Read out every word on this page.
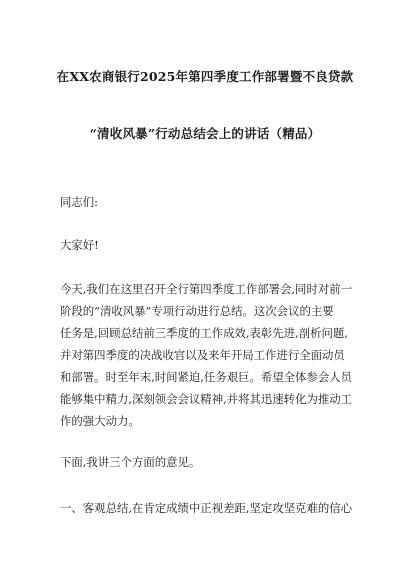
在XX农商银行2025年第四季度工作部署暨不良贷款
“清收风暴”行动总结会上的讲话（精品）
同志们:
大家好!
今天,我们在这里召开全行第四季度工作部署会,同时对前一
阶段的“清收风暴”专项行动进行总结。这次会议的主要
任务是,回顾总结前三季度的工作成效,表彰先进,剖析问题,
并对第四季度的决战收官以及来年开局工作进行全面动员
和部署。时至年末,时间紧迫,任务艰巨。希望全体参会人员
能够集中精力,深刻领会会议精神,并将其迅速转化为推动工
作的强大动力。
下面,我讲三个方面的意见。
一、客观总结,在肯定成绩中正视差距,坚定攻坚克难的信心
